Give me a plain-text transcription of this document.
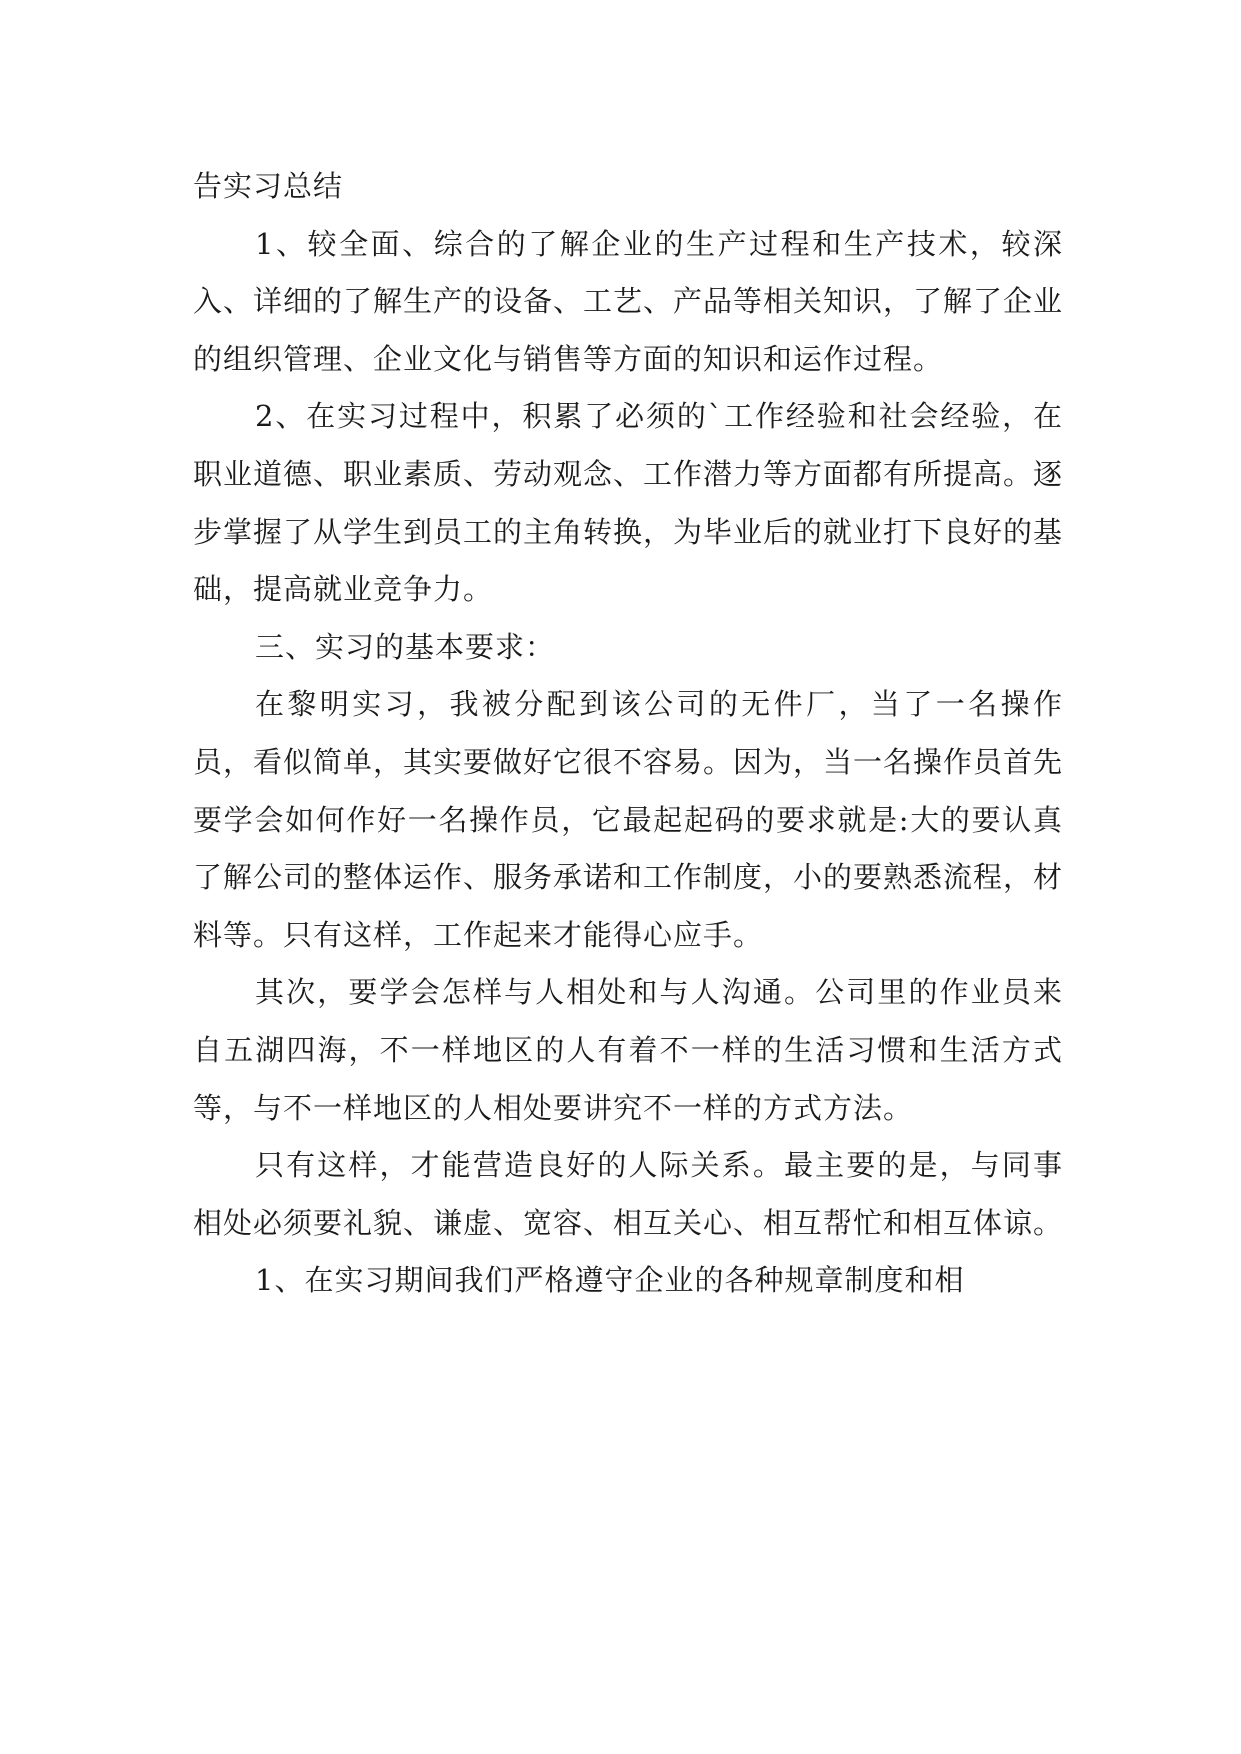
告实习总结

1、较全面、综合的了解企业的生产过程和生产技术，较深入、详细的了解生产的设备、工艺、产品等相关知识，了解了企业的组织管理、企业文化与销售等方面的知识和运作过程。

2、在实习过程中，积累了必须的`工作经验和社会经验，在职业道德、职业素质、劳动观念、工作潜力等方面都有所提高。逐步掌握了从学生到员工的主角转换，为毕业后的就业打下良好的基础，提高就业竞争力。

三、实习的基本要求：

在黎明实习，我被分配到该公司的无件厂，当了一名操作员，看似简单，其实要做好它很不容易。因为，当一名操作员首先要学会如何作好一名操作员，它最起起码的要求就是:大的要认真了解公司的整体运作、服务承诺和工作制度，小的要熟悉流程，材料等。只有这样，工作起来才能得心应手。

其次，要学会怎样与人相处和与人沟通。公司里的作业员来自五湖四海，不一样地区的人有着不一样的生活习惯和生活方式等，与不一样地区的人相处要讲究不一样的方式方法。

只有这样，才能营造良好的人际关系。最主要的是，与同事相处必须要礼貌、谦虚、宽容、相互关心、相互帮忙和相互体谅。

1、在实习期间我们严格遵守企业的各种规章制度和相
